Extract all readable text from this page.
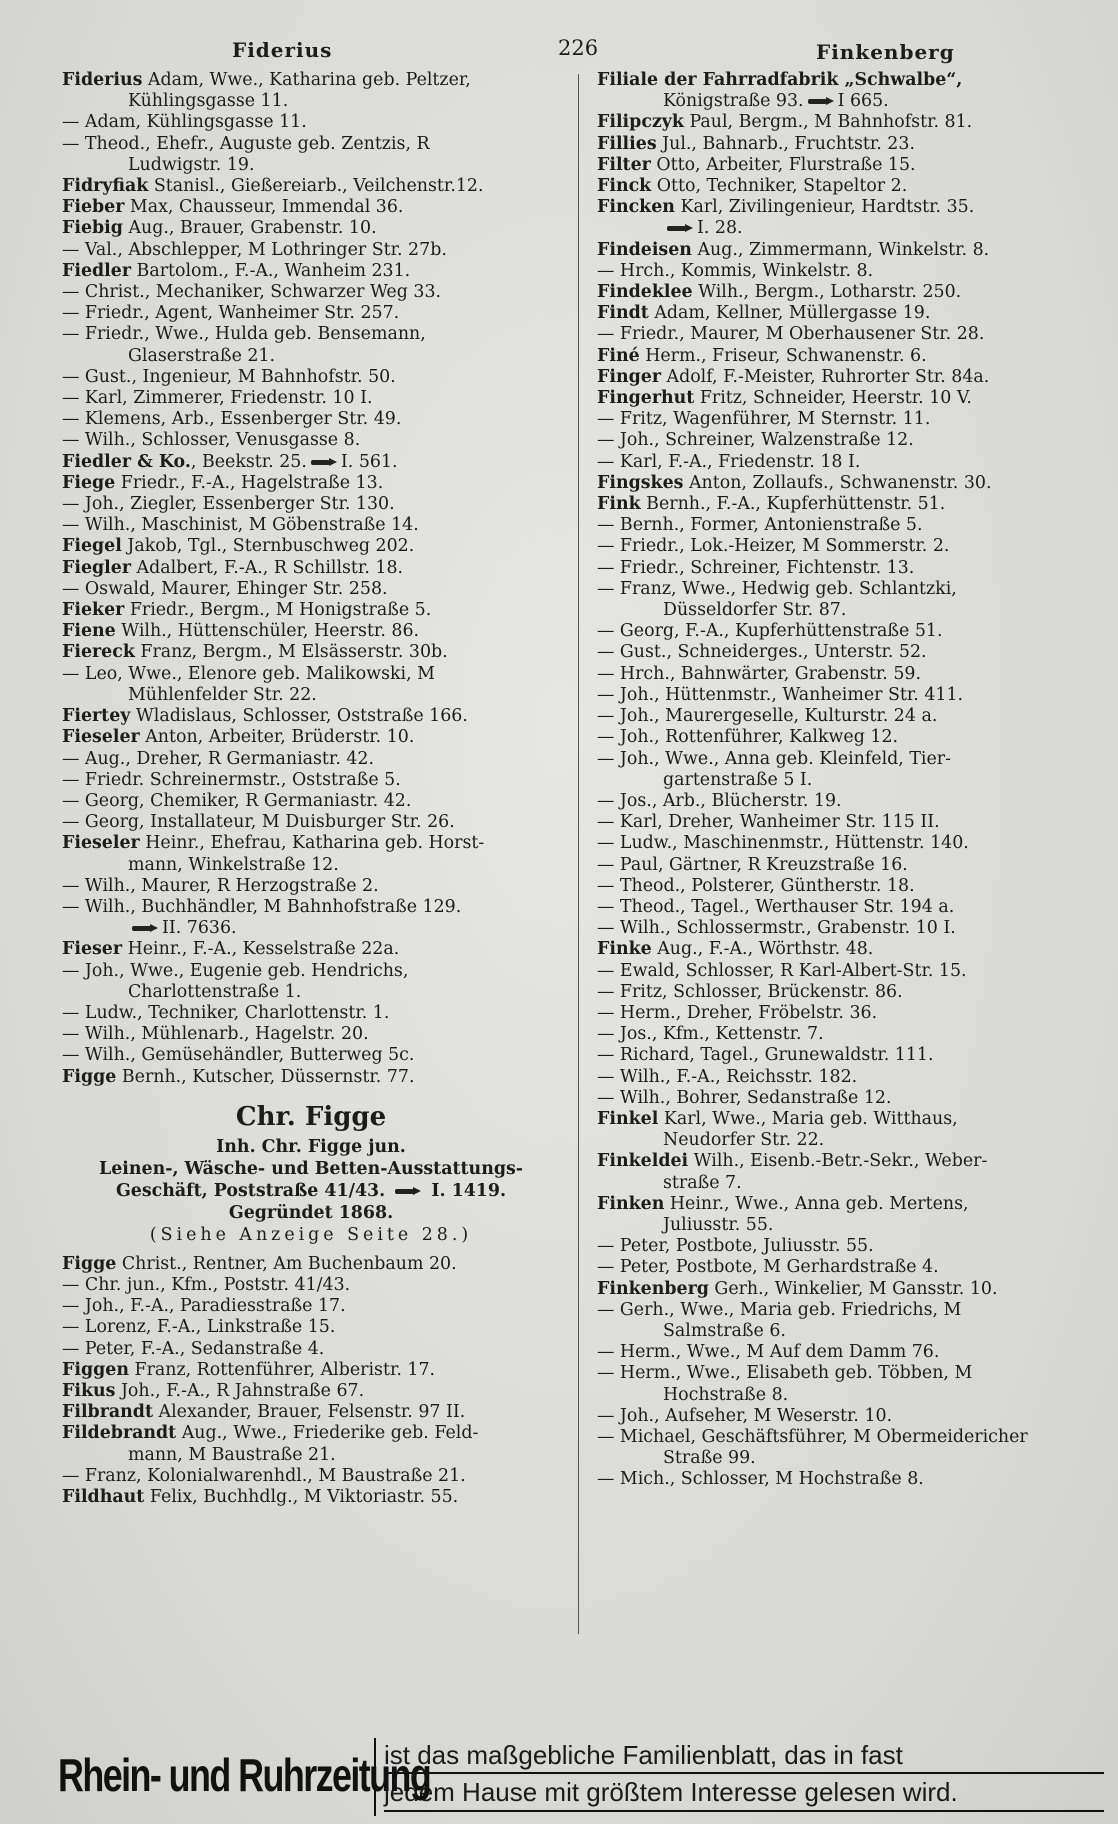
Fiderius	226	Finkenberg
Fiderius Adam, Wwe., Katharina geb. Peltzer,
Kühlingsgasse 11.
— Adam, Kühlingsgasse 11.
— Theod., Ehefr., Auguste geb. Zentzis, R
Ludwigstr. 19.
Fidryfiak Stanisl., Gießereiarb., Veilchenstr.12.
Fieber Max, Chausseur, Immendal 36.
Fiebig Aug., Brauer, Grabenstr. 10.
— Val., Abschlepper, M Lothringer Str. 27b.
Fiedler Bartolom., F.-A., Wanheim 231.
— Christ., Mechaniker, Schwarzer Weg 33.
— Friedr., Agent, Wanheimer Str. 257.
— Friedr., Wwe., Hulda geb. Bensemann,
Glaserstraße 21.
— Gust., Ingenieur, M Bahnhofstr. 50.
— Karl, Zimmerer, Friedenstr. 10 I.
— Klemens, Arb., Essenberger Str. 49.
— Wilh., Schlosser, Venusgasse 8.
Fiedler & Ko., Beekstr. 25. I. 561.
Fiege Friedr., F.-A., Hagelstraße 13.
— Joh., Ziegler, Essenberger Str. 130.
— Wilh., Maschinist, M Göbenstraße 14.
Fiegel Jakob, Tgl., Sternbuschweg 202.
Fiegler Adalbert, F.-A., R Schillstr. 18.
— Oswald, Maurer, Ehinger Str. 258.
Fieker Friedr., Bergm., M Honigstraße 5.
Fiene Wilh., Hüttenschüler, Heerstr. 86.
Fiereck Franz, Bergm., M Elsässerstr. 30b.
— Leo, Wwe., Elenore geb. Malikowski, M
Mühlenfelder Str. 22.
Fiertey Wladislaus, Schlosser, Oststraße 166.
Fieseler Anton, Arbeiter, Brüderstr. 10.
— Aug., Dreher, R Germaniastr. 42.
— Friedr. Schreinermstr., Oststraße 5.
— Georg, Chemiker, R Germaniastr. 42.
— Georg, Installateur, M Duisburger Str. 26.
Fieseler Heinr., Ehefrau, Katharina geb. Horst-
mann, Winkelstraße 12.
— Wilh., Maurer, R Herzogstraße 2.
— Wilh., Buchhändler, M Bahnhofstraße 129.
II. 7636.
Fieser Heinr., F.-A., Kesselstraße 22a.
— Joh., Wwe., Eugenie geb. Hendrichs,
Charlottenstraße 1.
— Ludw., Techniker, Charlottenstr. 1.
— Wilh., Mühlenarb., Hagelstr. 20.
— Wilh., Gemüsehändler, Butterweg 5c.
Figge Bernh., Kutscher, Düssernstr. 77.
Chr. Figge
Inh. Chr. Figge jun.
Leinen-, Wäsche- und Betten-Ausstattungs-
Geschäft, Poststraße 41/43.	I. 1419.
Gegründet 1868.
(Siehe Anzeige Seite 28.)
Figge Christ., Rentner, Am Buchenbaum 20.
— Chr. jun., Kfm., Poststr. 41/43.
— Joh., F.-A., Paradiesstraße 17.
— Lorenz, F.-A., Linkstraße 15.
— Peter, F.-A., Sedanstraße 4.
Figgen Franz, Rottenführer, Alberistr. 17.
Fikus Joh., F.-A., R Jahnstraße 67.
Filbrandt Alexander, Brauer, Felsenstr. 97 II.
Fildebrandt Aug., Wwe., Friederike geb. Feld-
mann, M Baustraße 21.
— Franz, Kolonialwarenhdl., M Baustraße 21.
Fildhaut Felix, Buchhdlg., M Viktoriastr. 55.
Filiale der Fahrradfabrik „Schwalbe“,
Königstraße 93. I 665.
Filipczyk Paul, Bergm., M Bahnhofstr. 81.
Fillies Jul., Bahnarb., Fruchtstr. 23.
Filter Otto, Arbeiter, Flurstraße 15.
Finck Otto, Techniker, Stapeltor 2.
Fincken Karl, Zivilingenieur, Hardtstr. 35.
I. 28.
Findeisen Aug., Zimmermann, Winkelstr. 8.
— Hrch., Kommis, Winkelstr. 8.
Findeklee Wilh., Bergm., Lotharstr. 250.
Findt Adam, Kellner, Müllergasse 19.
— Friedr., Maurer, M Oberhausener Str. 28.
Finé Herm., Friseur, Schwanenstr. 6.
Finger Adolf, F.-Meister, Ruhrorter Str. 84a.
Fingerhut Fritz, Schneider, Heerstr. 10 V.
— Fritz, Wagenführer, M Sternstr. 11.
— Joh., Schreiner, Walzenstraße 12.
— Karl, F.-A., Friedenstr. 18 I.
Fingskes Anton, Zollaufs., Schwanenstr. 30.
Fink Bernh., F.-A., Kupferhüttenstr. 51.
— Bernh., Former, Antonienstraße 5.
— Friedr., Lok.-Heizer, M Sommerstr. 2.
— Friedr., Schreiner, Fichtenstr. 13.
— Franz, Wwe., Hedwig geb. Schlantzki,
Düsseldorfer Str. 87.
— Georg, F.-A., Kupferhüttenstraße 51.
— Gust., Schneiderges., Unterstr. 52.
— Hrch., Bahnwärter, Grabenstr. 59.
— Joh., Hüttenmstr., Wanheimer Str. 411.
— Joh., Maurergeselle, Kulturstr. 24 a.
— Joh., Rottenführer, Kalkweg 12.
— Joh., Wwe., Anna geb. Kleinfeld, Tier-
gartenstraße 5 I.
— Jos., Arb., Blücherstr. 19.
— Karl, Dreher, Wanheimer Str. 115 II.
— Ludw., Maschinenmstr., Hüttenstr. 140.
— Paul, Gärtner, R Kreuzstraße 16.
— Theod., Polsterer, Güntherstr. 18.
— Theod., Tagel., Werthauser Str. 194 a.
— Wilh., Schlossermstr., Grabenstr. 10 I.
Finke Aug., F.-A., Wörthstr. 48.
— Ewald, Schlosser, R Karl-Albert-Str. 15.
— Fritz, Schlosser, Brückenstr. 86.
— Herm., Dreher, Fröbelstr. 36.
— Jos., Kfm., Kettenstr. 7.
— Richard, Tagel., Grunewaldstr. 111.
— Wilh., F.-A., Reichsstr. 182.
— Wilh., Bohrer, Sedanstraße 12.
Finkel Karl, Wwe., Maria geb. Witthaus,
Neudorfer Str. 22.
Finkeldei Wilh., Eisenb.-Betr.-Sekr., Weber-
straße 7.
Finken Heinr., Wwe., Anna geb. Mertens,
Juliusstr. 55.
— Peter, Postbote, Juliusstr. 55.
— Peter, Postbote, M Gerhardstraße 4.
Finkenberg Gerh., Winkelier, M Gansstr. 10.
— Gerh., Wwe., Maria geb. Friedrichs, M
Salmstraße 6.
— Herm., Wwe., M Auf dem Damm 76.
— Herm., Wwe., Elisabeth geb. Többen, M
Hochstraße 8.
— Joh., Aufseher, M Weserstr. 10.
— Michael, Geschäftsführer, M Obermeidericher
Straße 99.
— Mich., Schlosser, M Hochstraße 8.
Rhein- und Ruhrzeitung
ist das maßgebliche Familienblatt, das in fast
jedem Hause mit größtem Interesse gelesen wird.
